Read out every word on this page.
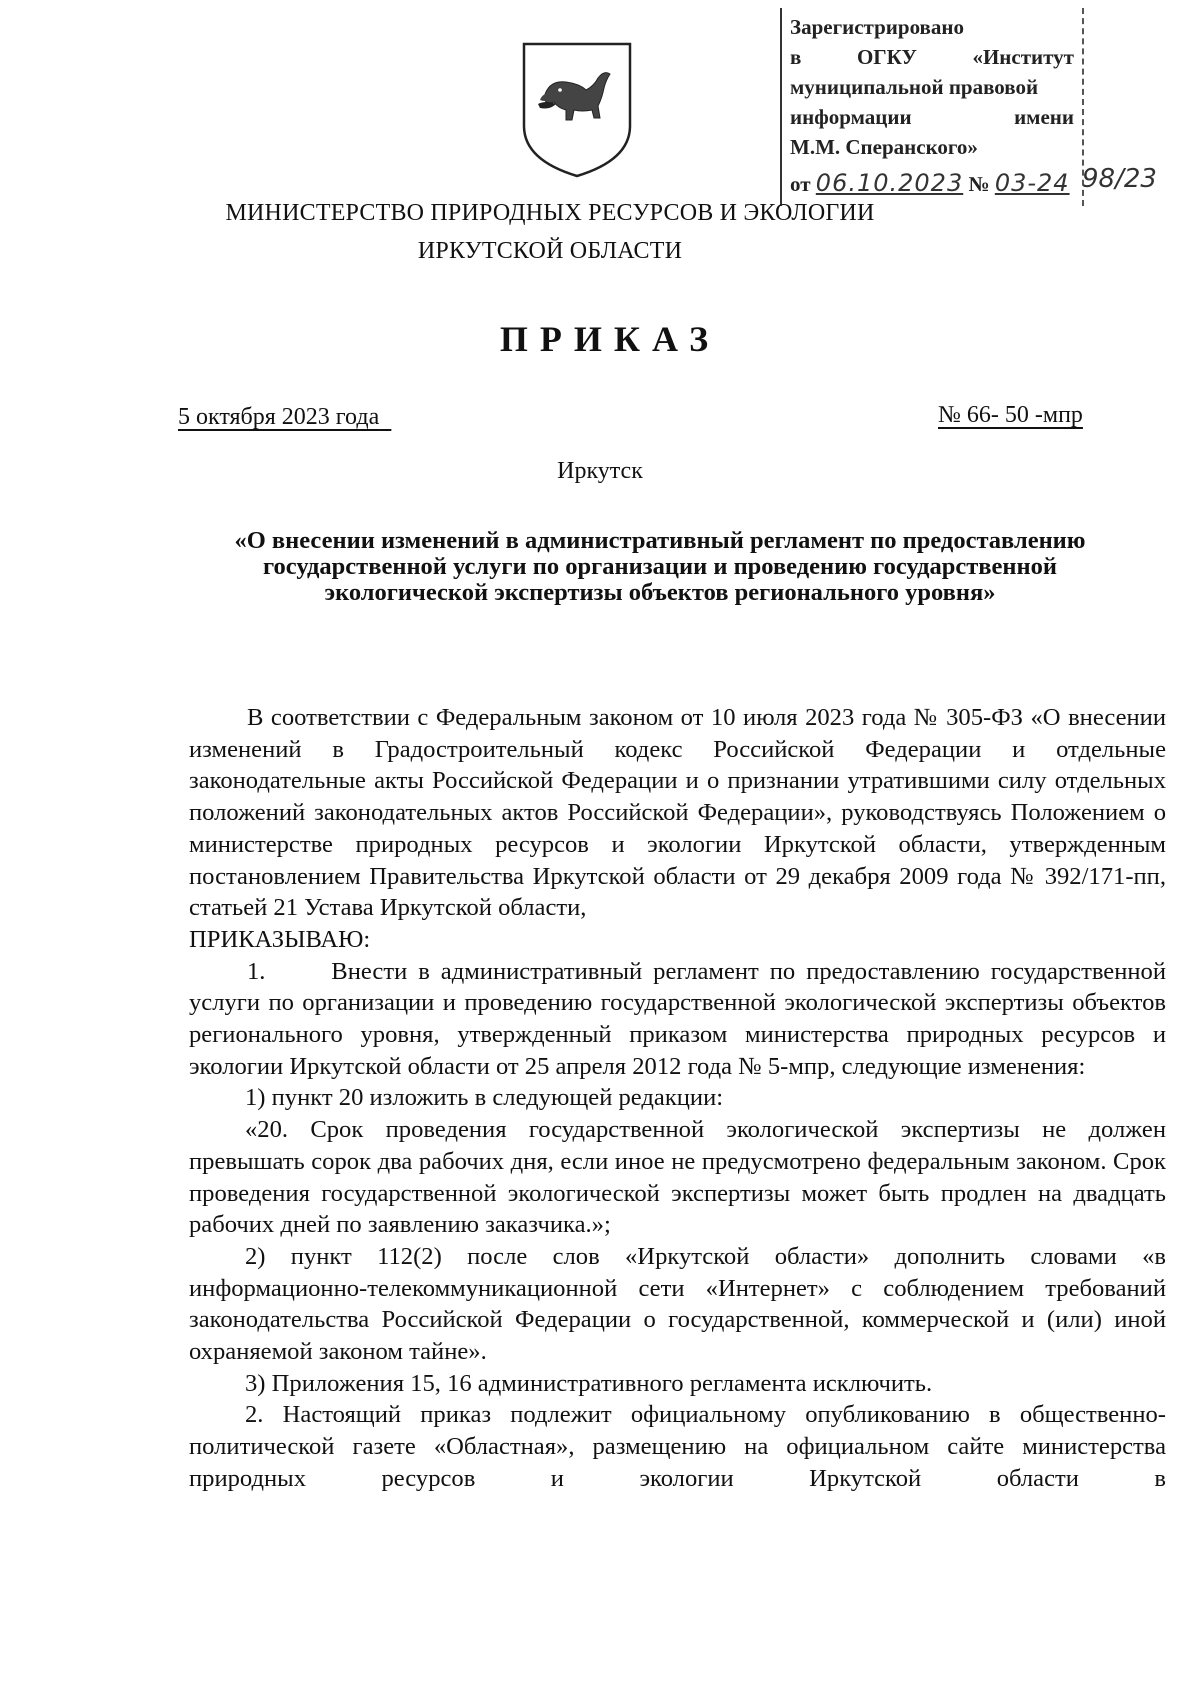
Зарегистрировано
в	ОГКУ	«Институт
муниципальной правовой
информации	имени
М.М. Сперанского»
от 06.10.2023 № 03-24 98/23
МИНИСТЕРСТВО ПРИРОДНЫХ РЕСУРСОВ И ЭКОЛОГИИ
ИРКУТСКОЙ ОБЛАСТИ
ПРИКАЗ
5 октября 2023 года	№ 66- 50 -мпр
Иркутск
«О внесении изменений в административный регламент по предоставлению государственной услуги по организации и проведению государственной экологической экспертизы объектов регионального уровня»

В соответствии с Федеральным законом от 10 июля 2023 года № 305-ФЗ «О внесении изменений в Градостроительный кодекс Российской Федерации и отдельные законодательные акты Российской Федерации и о признании утратившими силу отдельных положений законодательных актов Российской Федерации», руководствуясь Положением о министерстве природных ресурсов и экологии Иркутской области, утвержденным постановлением Правительства Иркутской области от 29 декабря 2009 года № 392/171-пп, статьей 21 Устава Иркутской области,

ПРИКАЗЫВАЮ:

1.      Внести в административный регламент по предоставлению государственной услуги по организации и проведению государственной экологической экспертизы объектов регионального уровня, утвержденный приказом министерства природных ресурсов и экологии Иркутской области от 25 апреля 2012 года № 5-мпр, следующие изменения:

1) пункт 20 изложить в следующей редакции:

«20. Срок проведения государственной экологической экспертизы не должен превышать сорок два рабочих дня, если иное не предусмотрено федеральным законом. Срок проведения государственной экологической экспертизы может быть продлен на двадцать рабочих дней по заявлению заказчика.»;

2) пункт 112(2) после слов «Иркутской области» дополнить словами «в информационно-телекоммуникационной сети «Интернет» с соблюдением требований законодательства Российской Федерации о государственной, коммерческой и (или) иной охраняемой законом тайне».

3) Приложения 15, 16 административного регламента исключить.

2. Настоящий приказ подлежит официальному опубликованию в общественно-политической газете «Областная», размещению на официальном сайте министерства природных ресурсов и экологии Иркутской области в
